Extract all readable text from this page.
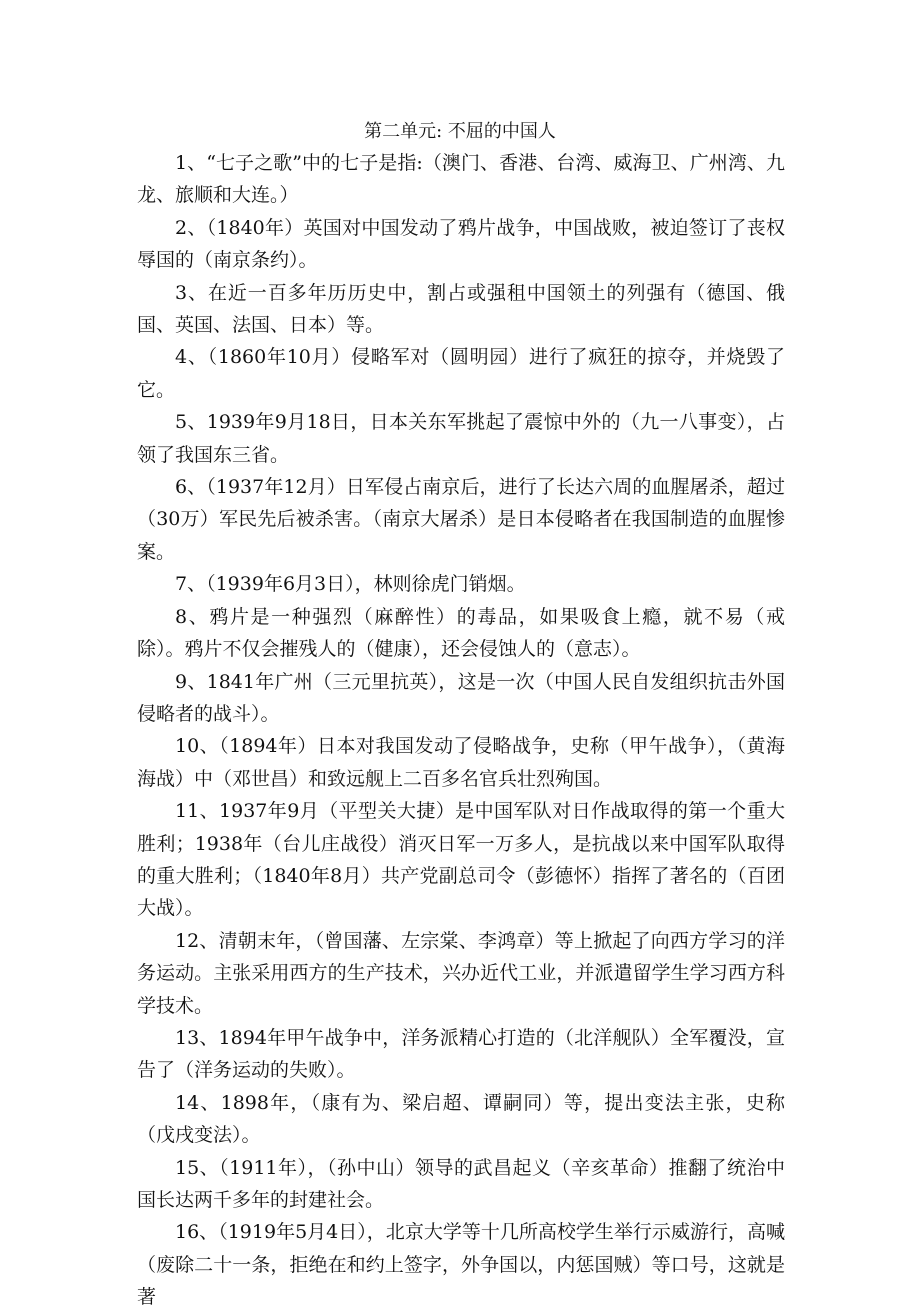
第二单元: 不屈的中国人

1、“七子之歌”中的七子是指:（澳门、香港、台湾、威海卫、广州湾、九龙、旅顺和大连。）

2、（1840年）英国对中国发动了鸦片战争，中国战败，被迫签订了丧权辱国的（南京条约）。

3、在近一百多年历历史中，割占或强租中国领土的列强有（德国、俄国、英国、法国、日本）等。

4、（1860年10月）侵略军对（圆明园）进行了疯狂的掠夺，并烧毁了它。

5、1939年9月18日，日本关东军挑起了震惊中外的（九一八事变），占领了我国东三省。

6、（1937年12月）日军侵占南京后，进行了长达六周的血腥屠杀，超过（30万）军民先后被杀害。（南京大屠杀）是日本侵略者在我国制造的血腥惨案。

7、（1939年6月3日），林则徐虎门销烟。

8、鸦片是一种强烈（麻醉性）的毒品，如果吸食上瘾，就不易（戒除）。鸦片不仅会摧残人的（健康），还会侵蚀人的（意志）。

9、1841年广州（三元里抗英），这是一次（中国人民自发组织抗击外国侵略者的战斗）。

10、（1894年）日本对我国发动了侵略战争，史称（甲午战争），（黄海海战）中（邓世昌）和致远舰上二百多名官兵壮烈殉国。

11、1937年9月（平型关大捷）是中国军队对日作战取得的第一个重大胜利；1938年（台儿庄战役）消灭日军一万多人，是抗战以来中国军队取得的重大胜利；（1840年8月）共产党副总司令（彭德怀）指挥了著名的（百团大战）。

12、清朝末年，（曾国藩、左宗棠、李鸿章）等上掀起了向西方学习的洋务运动。主张采用西方的生产技术，兴办近代工业，并派遣留学生学习西方科学技术。

13、1894年甲午战争中，洋务派精心打造的（北洋舰队）全军覆没，宣告了（洋务运动的失败）。

14、1898年，（康有为、梁启超、谭嗣同）等，提出变法主张，史称（戊戌变法）。

15、（1911年），（孙中山）领导的武昌起义（辛亥革命）推翻了统治中国长达两千多年的封建社会。

16、（1919年5月4日），北京大学等十几所高校学生举行示威游行，高喊（废除二十一条，拒绝在和约上签字，外争国以，内惩国贼）等口号，这就是著
